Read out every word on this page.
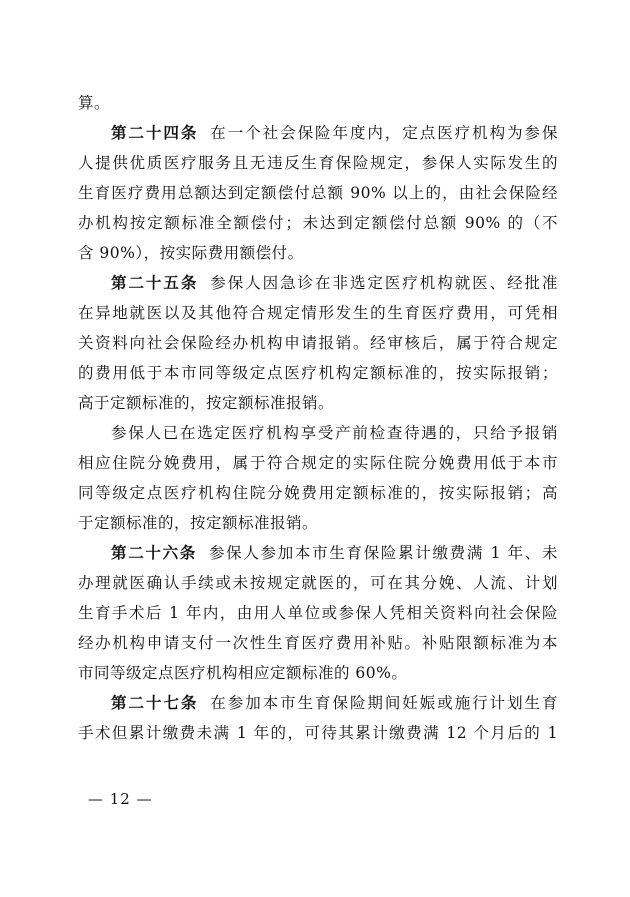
算。
第二十四条 在一个社会保险年度内，定点医疗机构为参保
人提供优质医疗服务且无违反生育保险规定，参保人实际发生的
生育医疗费用总额达到定额偿付总额 90% 以上的，由社会保险经
办机构按定额标准全额偿付；未达到定额偿付总额 90% 的（不
含 90%），按实际费用额偿付。
第二十五条 参保人因急诊在非选定医疗机构就医、经批准
在异地就医以及其他符合规定情形发生的生育医疗费用，可凭相
关资料向社会保险经办机构申请报销。经审核后，属于符合规定
的费用低于本市同等级定点医疗机构定额标准的，按实际报销；
高于定额标准的，按定额标准报销。
参保人已在选定医疗机构享受产前检查待遇的，只给予报销
相应住院分娩费用，属于符合规定的实际住院分娩费用低于本市
同等级定点医疗机构住院分娩费用定额标准的，按实际报销；高
于定额标准的，按定额标准报销。
第二十六条 参保人参加本市生育保险累计缴费满 1 年、未
办理就医确认手续或未按规定就医的，可在其分娩、人流、计划
生育手术后 1 年内，由用人单位或参保人凭相关资料向社会保险
经办机构申请支付一次性生育医疗费用补贴。补贴限额标准为本
市同等级定点医疗机构相应定额标准的 60%。
第二十七条 在参加本市生育保险期间妊娠或施行计划生育
手术但累计缴费未满 1 年的，可待其累计缴费满 12 个月后的 1
— 12 —
